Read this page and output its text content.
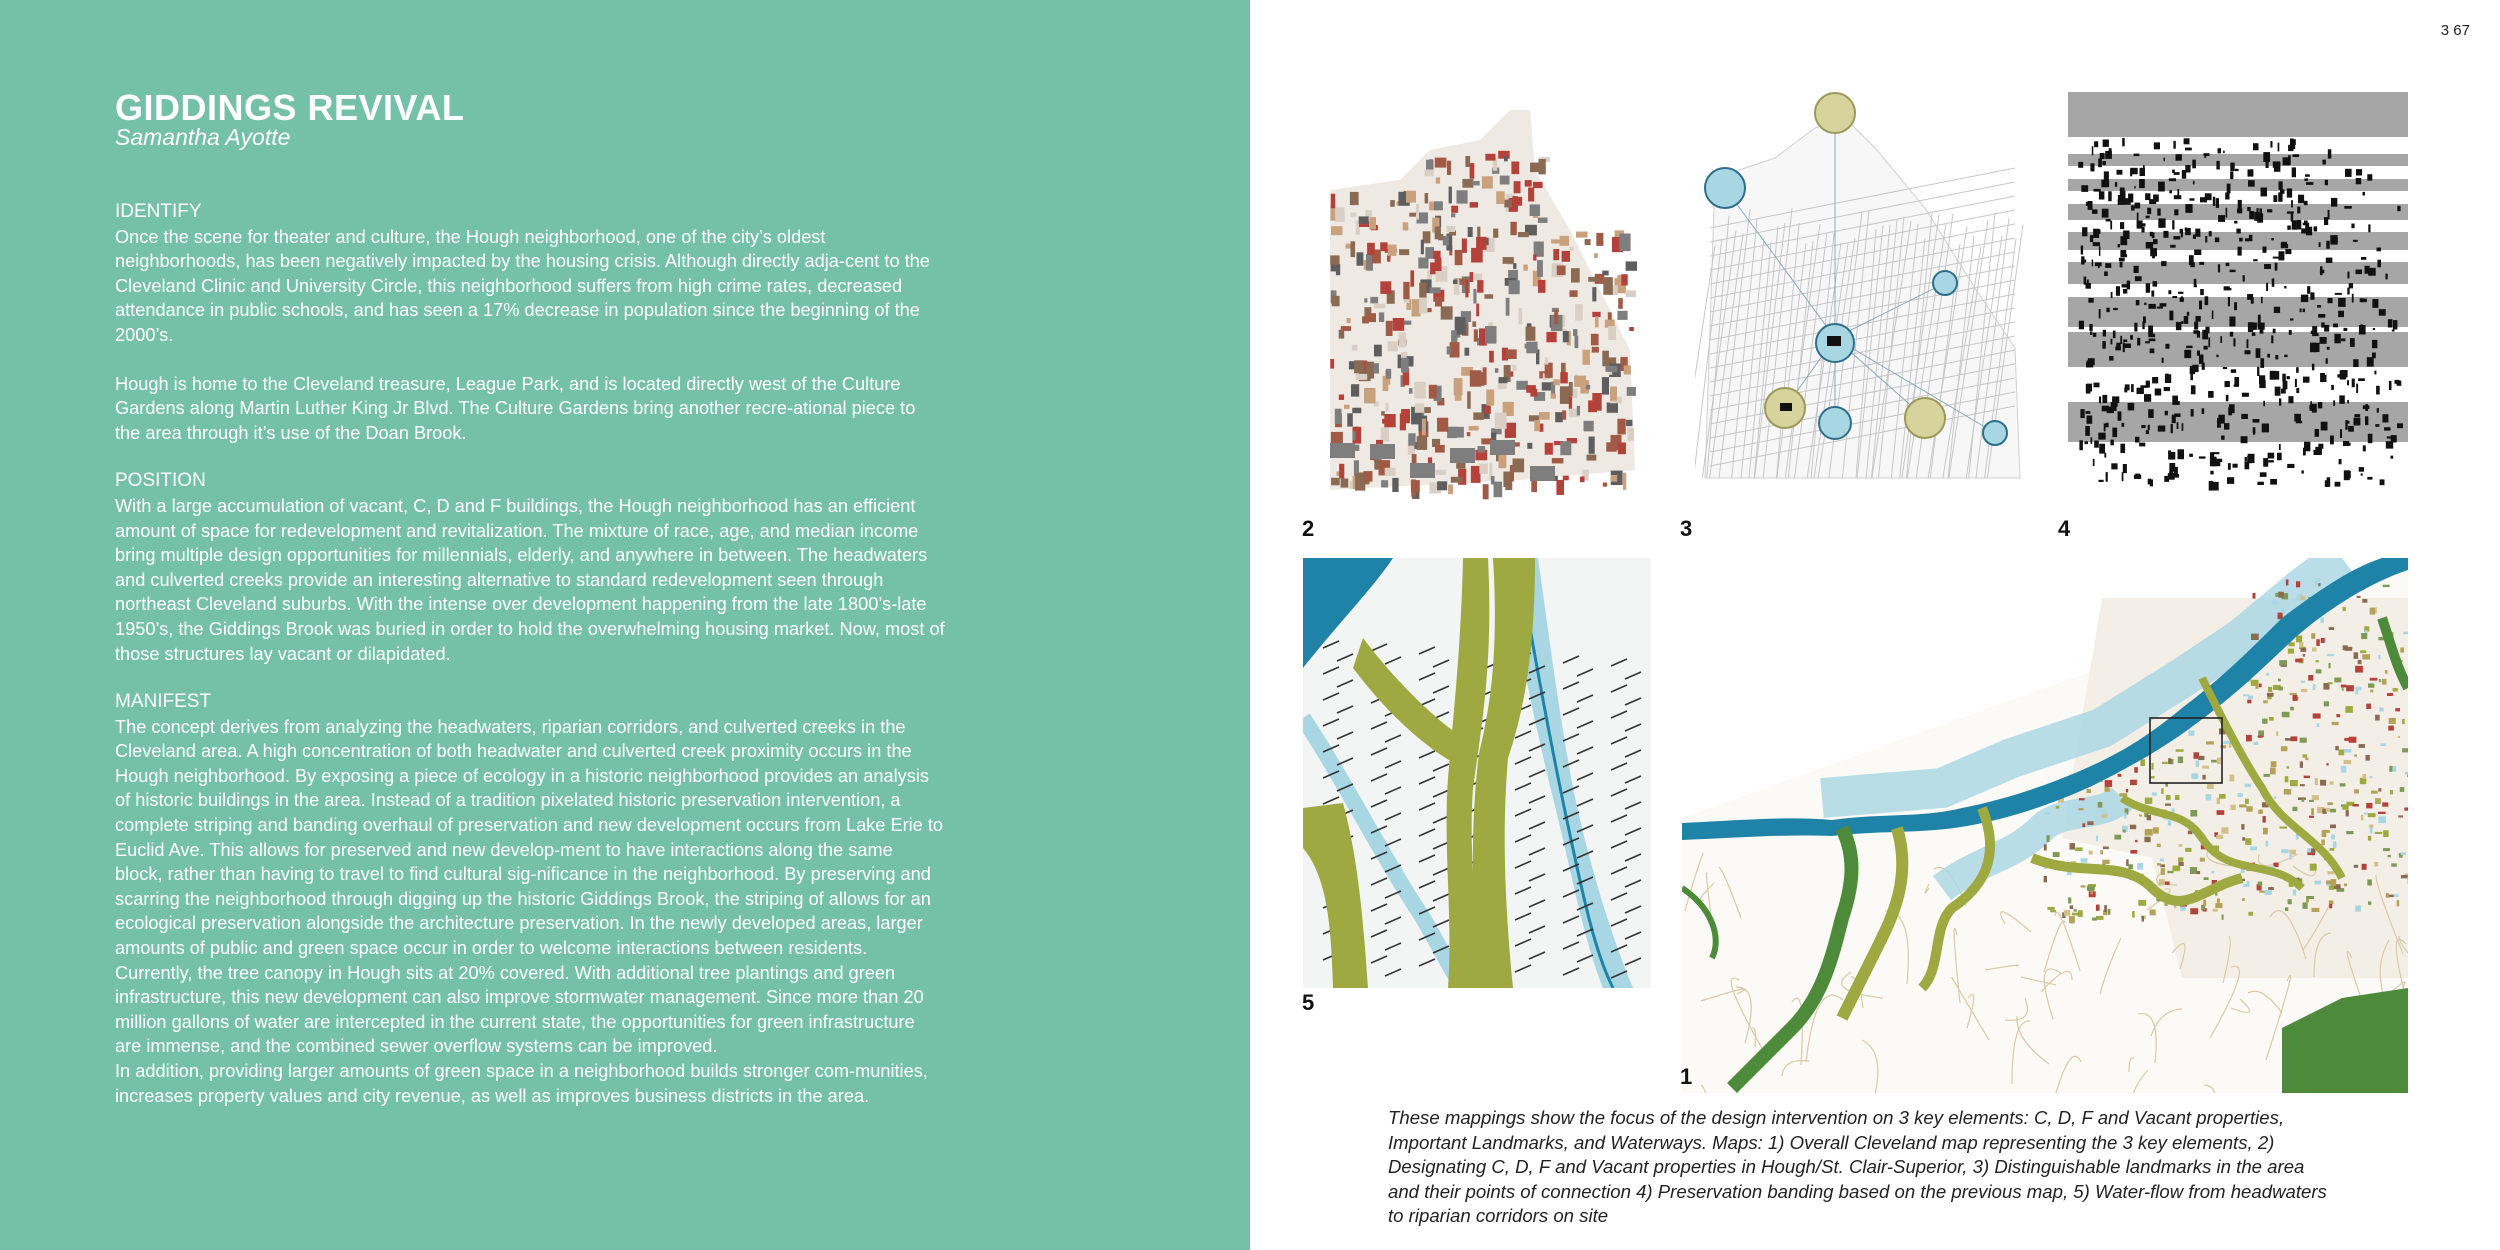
GIDDINGS REVIVAL
Samantha Ayotte
IDENTIFY

Once the scene for theater and culture, the Hough neighborhood, one of the city’s oldest neighborhoods, has been negatively impacted by the housing crisis. Although directly adja-cent to the Cleveland Clinic and University Circle, this neighborhood suffers from high crime rates, decreased attendance in public schools, and has seen a 17% decrease in population since the beginning of the 2000’s.

Hough is home to the Cleveland treasure, League Park, and is located directly west of the Culture Gardens along Martin Luther King Jr Blvd. The Culture Gardens bring another recre-ational piece to the area through it’s use of the Doan Brook.

POSITION

With a large accumulation of vacant, C, D and F buildings, the Hough neighborhood has an efficient amount of space for redevelopment and revitalization. The mixture of race, age, and median income bring multiple design opportunities for millennials, elderly, and anywhere in between. The headwaters and culverted creeks provide an interesting alternative to standard redevelopment seen through northeast Cleveland suburbs. With the intense over development happening from the late 1800’s-late 1950’s, the Giddings Brook was buried in order to hold the overwhelming housing market. Now, most of those structures lay vacant or dilapidated.

MANIFEST

The concept derives from analyzing the headwaters, riparian corridors, and culverted creeks in the Cleveland area. A high concentration of both headwater and culverted creek proximity occurs in the Hough neighborhood. By exposing a piece of ecology in a historic neighborhood provides an analysis of historic buildings in the area. Instead of a tradition pixelated historic preservation intervention, a complete striping and banding overhaul of preservation and new development occurs from Lake Erie to Euclid Ave. This allows for preserved and new develop-ment to have interactions along the same block, rather than having to travel to find cultural sig-nificance in the neighborhood. By preserving and scarring the neighborhood through digging up the historic Giddings Brook, the striping of allows for an ecological preservation alongside the architecture preservation. In the newly developed areas, larger amounts of public and green space occur in order to welcome interactions between residents. Currently, the tree canopy in Hough sits at 20% covered. With additional tree plantings and green infrastructure, this new development can also improve stormwater management. Since more than 20 million gallons of water are intercepted in the current state, the opportunities for green infrastructure are immense, and the combined sewer overflow systems can be improved.

In addition, providing larger amounts of green space in a neighborhood builds stronger com-munities, increases property values and city revenue, as well as improves business districts in the area.

3 67
2	3	4
5
1
These mappings show the focus of the design intervention on 3 key elements: C, D, F and Vacant properties, Important Landmarks, and Waterways. Maps: 1) Overall Cleveland map representing the 3 key elements, 2) Designating C, D, F and Vacant properties in Hough/St. Clair-Superior, 3) Distinguishable landmarks in the area and their points of connection 4) Preservation banding based on the previous map, 5) Water-flow from headwaters to riparian corridors on site
